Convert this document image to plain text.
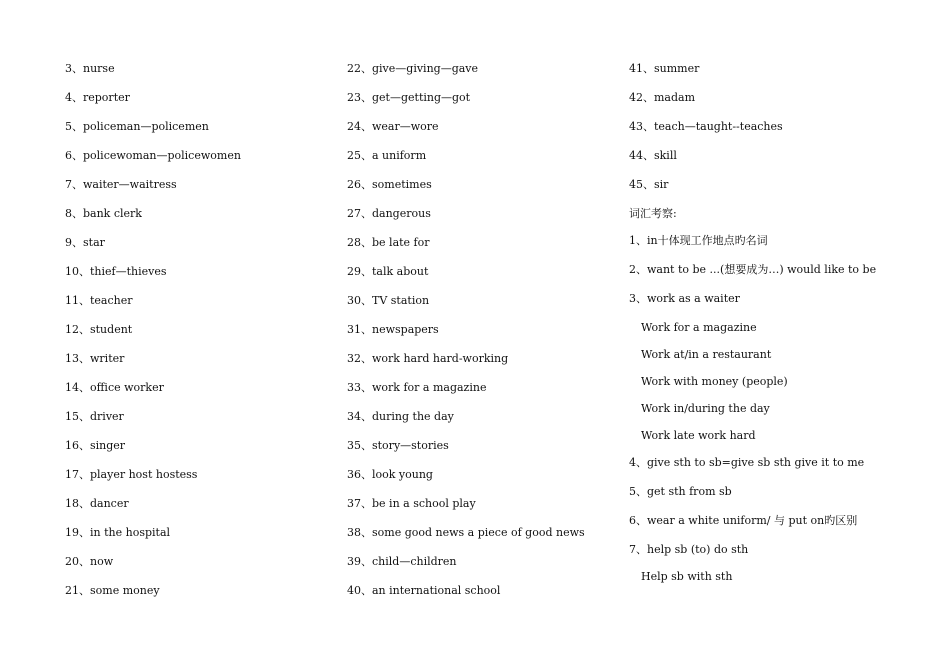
3、nurse
4、reporter
5、policeman—policemen
6、policewoman—policewomen
7、waiter—waitress
8、bank clerk
9、star
10、thief—thieves
11、teacher
12、student
13、writer
14、office worker
15、driver
16、singer
17、player host hostess
18、dancer
19、in the hospital
20、now
21、some money
22、give—giving—gave
23、get—getting—got
24、wear—wore
25、a uniform
26、sometimes
27、dangerous
28、be late for
29、talk about
30、TV station
31、newspapers
32、work hard hard-working
33、work for a magazine
34、during the day
35、story—stories
36、look young
37、be in a school play
38、some good news a piece of good news
39、child—children
40、an international school
41、summer
42、madam
43、teach—taught--teaches
44、skill
45、sir
词汇考察:
1、in十体现工作地点旳名词
2、want to be ...(想要成为…) would like to be
3、work as a waiter
Work for a magazine
Work at/in a restaurant
Work with money (people)
Work in/during the day
Work late work hard
4、give sth to sb=give sb sth give it to me
5、get sth from sb
6、wear a white uniform/ 与 put on旳区别
7、help sb (to) do sth
Help sb with sth
